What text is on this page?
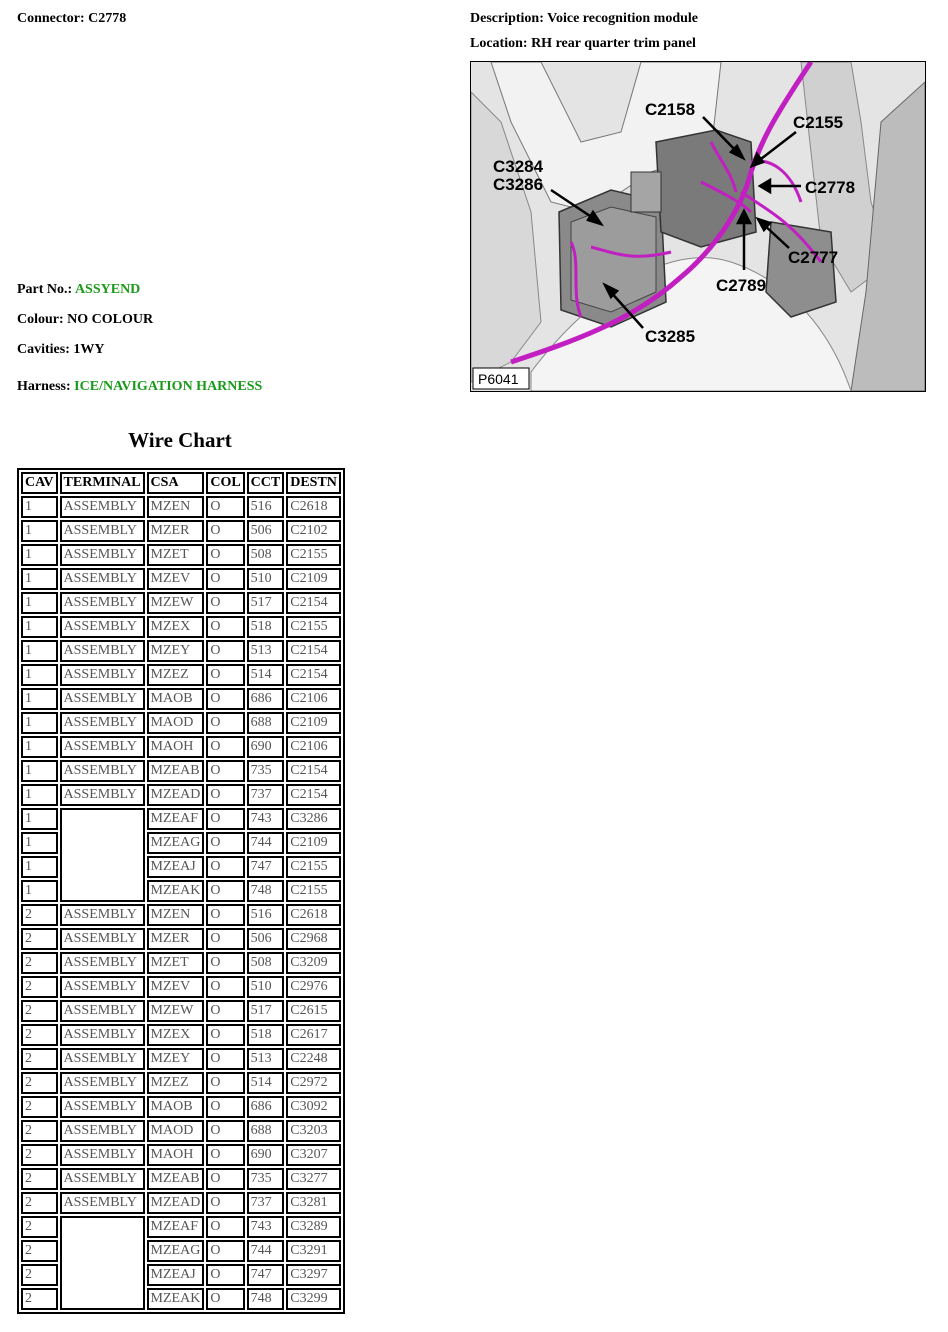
Connector: C2778	Description: Voice recognition module
Location: RH rear quarter trim panel
Part No.: ASSYEND
Colour: NO COLOUR
Cavities: 1WY
Harness: ICE/NAVIGATION HARNESS
C2158
C2155
C3284
C3286	C2778
C2777
C2789
C3285
P6041
Wire Chart
CAV	TERMINAL	CSA	COL	CCT	DESTN
1	ASSEMBLY	MZEN	O	516	C2618
1	ASSEMBLY	MZER	O	506	C2102
1	ASSEMBLY	MZET	O	508	C2155
1	ASSEMBLY	MZEV	O	510	C2109
1	ASSEMBLY	MZEW	O	517	C2154
1	ASSEMBLY	MZEX	O	518	C2155
1	ASSEMBLY	MZEY	O	513	C2154
1	ASSEMBLY	MZEZ	O	514	C2154
1	ASSEMBLY	MAOB	O	686	C2106
1	ASSEMBLY	MAOD	O	688	C2109
1	ASSEMBLY	MAOH	O	690	C2106
1	ASSEMBLY	MZEAB	O	735	C2154
1	ASSEMBLY	MZEAD	O	737	C2154
1		MZEAF	O	743	C3286
1		MZEAG	O	744	C2109
1		MZEAJ	O	747	C2155
1		MZEAK	O	748	C2155
2	ASSEMBLY	MZEN	O	516	C2618
2	ASSEMBLY	MZER	O	506	C2968
2	ASSEMBLY	MZET	O	508	C3209
2	ASSEMBLY	MZEV	O	510	C2976
2	ASSEMBLY	MZEW	O	517	C2615
2	ASSEMBLY	MZEX	O	518	C2617
2	ASSEMBLY	MZEY	O	513	C2248
2	ASSEMBLY	MZEZ	O	514	C2972
2	ASSEMBLY	MAOB	O	686	C3092
2	ASSEMBLY	MAOD	O	688	C3203
2	ASSEMBLY	MAOH	O	690	C3207
2	ASSEMBLY	MZEAB	O	735	C3277
2	ASSEMBLY	MZEAD	O	737	C3281
2		MZEAF	O	743	C3289
2		MZEAG	O	744	C3291
2		MZEAJ	O	747	C3297
2		MZEAK	O	748	C3299
